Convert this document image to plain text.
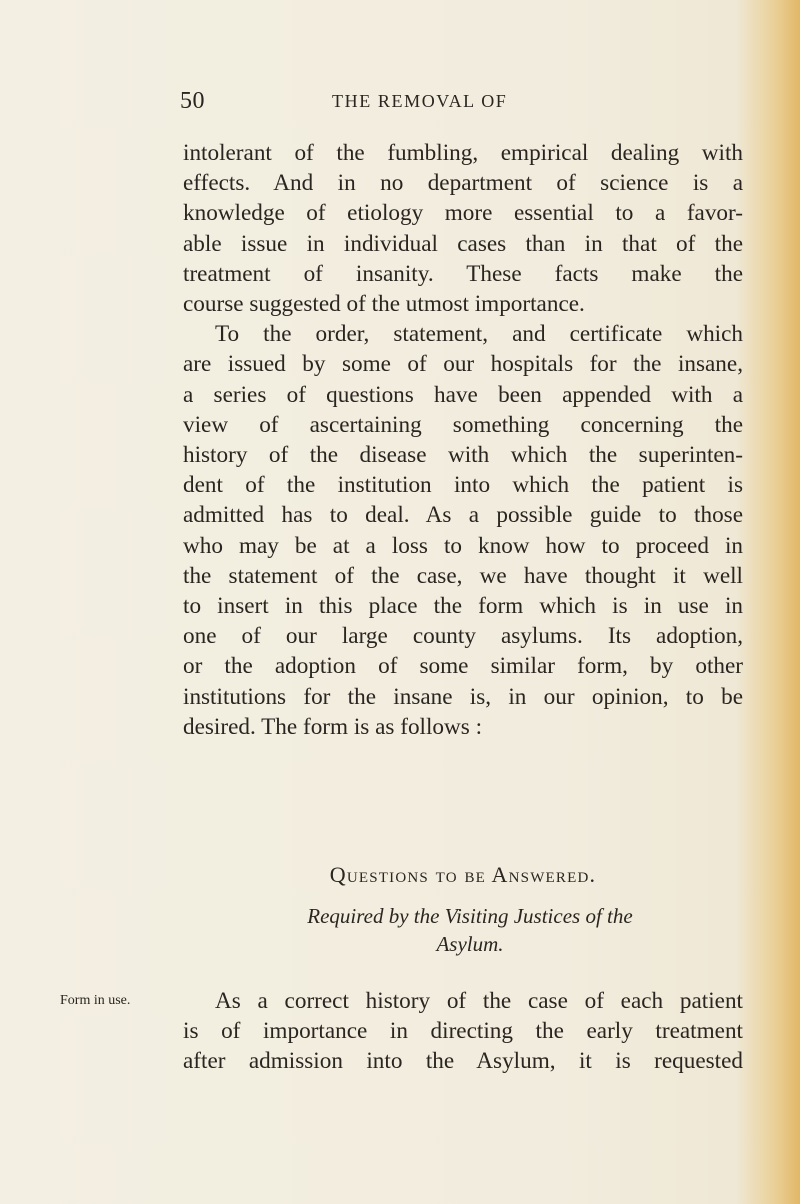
50	THE REMOVAL OF
intolerant of the fumbling, empirical dealing with
effects. And in no department of science is a
knowledge of etiology more essential to a favor-
able issue in individual cases than in that of the
treatment of insanity. These facts make the
course suggested of the utmost importance.
To the order, statement, and certificate which
are issued by some of our hospitals for the insane,
a series of questions have been appended with a
view of ascertaining something concerning the
history of the disease with which the superinten-
dent of the institution into which the patient is
admitted has to deal. As a possible guide to those
who may be at a loss to know how to proceed in
the statement of the case, we have thought it well
to insert in this place the form which is in use in
one of our large county asylums. Its adoption,
or the adoption of some similar form, by other
institutions for the insane is, in our opinion, to be
desired. The form is as follows :
Questions to be Answered.
Required by the Visiting Justices of the
Asylum.
Form in use.	As a correct history of the case of each patient
is of importance in directing the early treatment
after admission into the Asylum, it is requested
